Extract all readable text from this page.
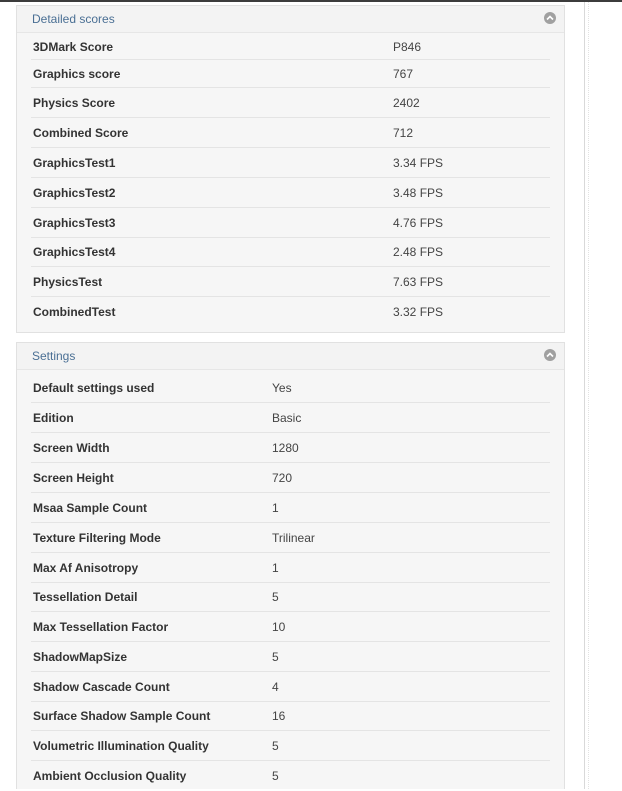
Detailed scores
3DMark Score	P846
Graphics score	767
Physics Score	2402
Combined Score	712
GraphicsTest1	3.34 FPS
GraphicsTest2	3.48 FPS
GraphicsTest3	4.76 FPS
GraphicsTest4	2.48 FPS
PhysicsTest	7.63 FPS
CombinedTest	3.32 FPS
Settings
Default settings used	Yes
Edition	Basic
Screen Width	1280
Screen Height	720
Msaa Sample Count	1
Texture Filtering Mode	Trilinear
Max Af Anisotropy	1
Tessellation Detail	5
Max Tessellation Factor	10
ShadowMapSize	5
Shadow Cascade Count	4
Surface Shadow Sample Count	16
Volumetric Illumination Quality	5
Ambient Occlusion Quality	5
